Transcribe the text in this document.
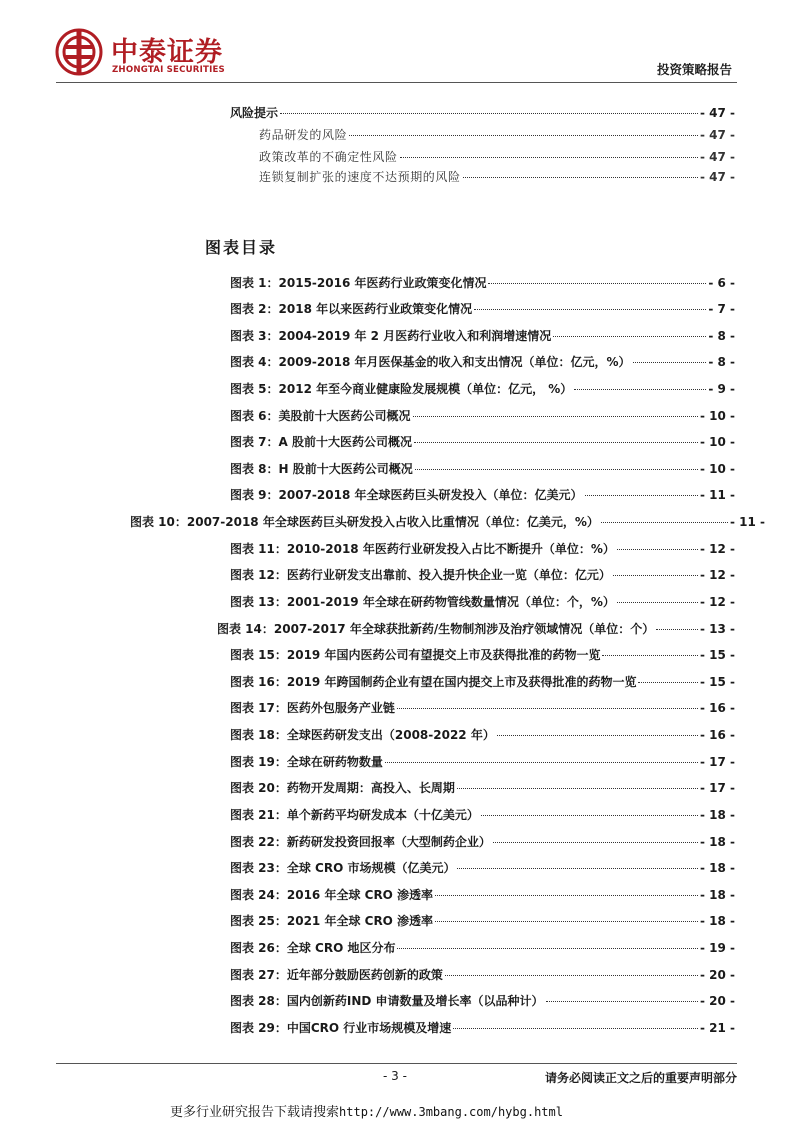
中泰证券
ZHONGTAI SECURITIES	投资策略报告
风险提示	- 47 -
药品研发的风险	- 47 -
政策改革的不确定性风险	- 47 -
连锁复制扩张的速度不达预期的风险	- 47 -
图表目录
图表 1：2015-2016 年医药行业政策变化情况	- 6 -
图表 2：2018 年以来医药行业政策变化情况	- 7 -
图表 3：2004-2019 年 2 月医药行业收入和利润增速情况	- 8 -
图表 4：2009-2018 年月医保基金的收入和支出情况（单位：亿元，%）	- 8 -
图表 5：2012 年至今商业健康险发展规模（单位：亿元， %）	- 9 -
图表 6：美股前十大医药公司概况	- 10 -
图表 7：A 股前十大医药公司概况	- 10 -
图表 8：H 股前十大医药公司概况	- 10 -
图表 9：2007-2018 年全球医药巨头研发投入（单位：亿美元）	- 11 -
图表 10：2007-2018 年全球医药巨头研发投入占收入比重情况（单位：亿美元，%）	- 11 -
图表 11：2010-2018 年医药行业研发投入占比不断提升（单位：%）	- 12 -
图表 12：医药行业研发支出靠前、投入提升快企业一览（单位：亿元）	- 12 -
图表 13：2001-2019 年全球在研药物管线数量情况（单位：个，%）	- 12 -
图表 14：2007-2017 年全球获批新药/生物制剂涉及治疗领域情况（单位：个）	- 13 -
图表 15：2019 年国内医药公司有望提交上市及获得批准的药物一览	- 15 -
图表 16：2019 年跨国制药企业有望在国内提交上市及获得批准的药物一览	- 15 -
图表 17：医药外包服务产业链	- 16 -
图表 18：全球医药研发支出（2008-2022 年）	- 16 -
图表 19：全球在研药物数量	- 17 -
图表 20：药物开发周期：高投入、长周期	- 17 -
图表 21：单个新药平均研发成本（十亿美元）	- 18 -
图表 22：新药研发投资回报率（大型制药企业）	- 18 -
图表 23：全球 CRO 市场规模（亿美元）	- 18 -
图表 24：2016 年全球 CRO 渗透率	- 18 -
图表 25：2021 年全球 CRO 渗透率	- 18 -
图表 26：全球 CRO 地区分布	- 19 -
图表 27：近年部分鼓励医药创新的政策	- 20 -
图表 28：国内创新药IND 申请数量及增长率（以品种计）	- 20 -
图表 29：中国CRO 行业市场规模及增速	- 21 -
- 3 -	请务必阅读正文之后的重要声明部分
更多行业研究报告下载请搜索http://www.3mbang.com/hybg.html
